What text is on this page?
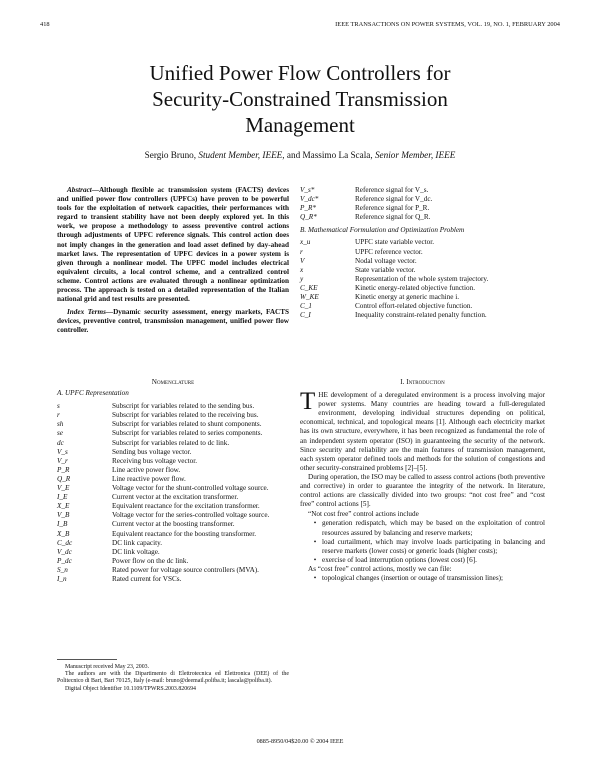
418	IEEE TRANSACTIONS ON POWER SYSTEMS, VOL. 19, NO. 1, FEBRUARY 2004
Unified Power Flow Controllers for
Security-Constrained Transmission
Management
Sergio Bruno, Student Member, IEEE, and Massimo La Scala, Senior Member, IEEE
Abstract—Although flexible ac transmission system (FACTS) devices and unified power flow controllers (UPFCs) have proven to be powerful tools for the exploitation of network capacities, their performances with regard to transient stability have not been deeply explored yet. In this work, we propose a methodology to assess preventive control actions through adjustments of UPFC reference signals. This control action does not imply changes in the generation and load asset defined by day-ahead market laws. The representation of UPFC devices in a power system is given through a nonlinear model. The UPFC model includes electrical equivalent circuits, a local control scheme, and a centralized control scheme. Control actions are evaluated through a nonlinear optimization process. The approach is tested on a detailed representation of the Italian national grid and test results are presented.
Index Terms—Dynamic security assessment, energy markets, FACTS devices, preventive control, transmission management, unified power flow controller.
Nomenclature
A. UPFC Representation
s	Subscript for variables related to the sending bus.
r	Subscript for variables related to the receiving bus.
sh	Subscript for variables related to shunt components.
se	Subscript for variables related to series components.
dc	Subscript for variables related to dc link.
V_s	Sending bus voltage vector.
V_r	Receiving bus voltage vector.
P_R	Line active power flow.
Q_R	Line reactive power flow.
V_E	Voltage vector for the shunt-controlled voltage source.
I_E	Current vector at the excitation transformer.
X_E	Equivalent reactance for the excitation transformer.
V_B	Voltage vector for the series-controlled voltage source.
I_B	Current vector at the boosting transformer.
X_B	Equivalent reactance for the boosting transformer.
C_dc	DC link capacity.
V_dc	DC link voltage.
P_dc	Power flow on the dc link.
S_n	Rated power for voltage source controllers (MVA).
I_n	Rated current for VSCs.
Manuscript received May 23, 2003.
The authors are with the Dipartimento di Elettrotecnica ed Elettronica (DEE) of the Politecnico di Bari, Bari 70125, Italy (e-mail: bruno@deemail.poliba.it; lascala@poliba.it).
Digital Object Identifier 10.1109/TPWRS.2003.820694
V_s*	Reference signal for V_s.
V_dc*	Reference signal for V_dc.
P_R*	Reference signal for P_R.
Q_R*	Reference signal for Q_R.
B. Mathematical Formulation and Optimization Problem
x_u	UPFC state variable vector.
r	UPFC reference vector.
V	Nodal voltage vector.
x	State variable vector.
y	Representation of the whole system trajectory.
C_KE	Kinetic energy-related objective function.
W_KE	Kinetic energy at generic machine i.
C_1	Control effort-related objective function.
C_I	Inequality constraint-related penalty function.
I. Introduction
THE development of a deregulated environment is a process involving major power systems. Many countries are heading toward a full-deregulated environment, developing individual structures depending on political, economical, technical, and topological means [1]. Although each electricity market has its own structure, everywhere, it has been recognized as fundamental the role of an independent system operator (ISO) in guaranteeing the security of the network. Since security and reliability are the main features of transmission management, each system operator defined tools and methods for the solution of congestions and other security-constrained problems [2]–[5].
During operation, the ISO may be called to assess control actions (both preventive and corrective) in order to guarantee the integrity of the network. In literature, control actions are classically divided into two groups: “not cost free” and “cost free” control actions [5].
“Not cost free” control actions include
• generation redispatch, which may be based on the exploitation of control resources assured by balancing and reserve markets;
• load curtailment, which may involve loads participating in balancing and reserve markets (lower costs) or generic loads (higher costs);
• exercise of load interruption options (lowest cost) [6].
As “cost free” control actions, mostly we can file:
• topological changes (insertion or outage of transmission lines);
0885-8950/04$20.00 © 2004 IEEE
